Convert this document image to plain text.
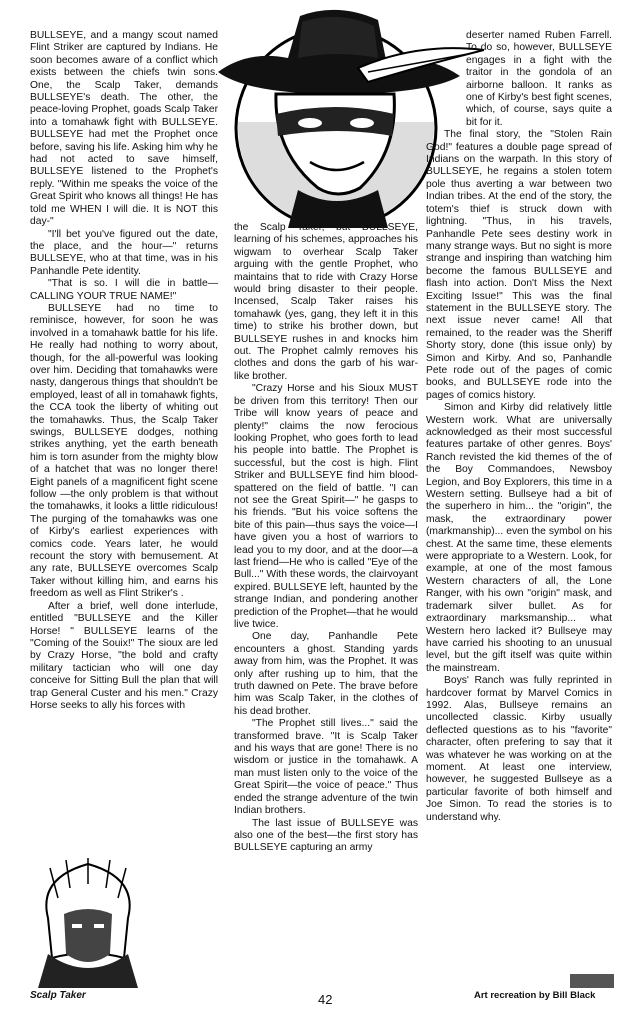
BULLSEYE, and a mangy scout named Flint Striker are captured by Indians. He soon becomes aware of a conflict which exists between the chiefs twin sons. One, the Scalp Taker, demands BULLSEYE's death. The other, the peace-loving Prophet, goads Scalp Taker into a tomahawk fight with BULLSEYE. BULLSEYE had met the Prophet once before, saving his life. Asking him why he had not acted to save himself, BULLSEYE listened to the Prophet's reply. "Within me speaks the voice of the Great Spirit who knows all things! He has told me WHEN I will die. It is NOT this day-"

"I'll bet you've figured out the date, the place, and the hour—" returns BULLSEYE, who at that time, was in his Panhandle Pete identity.

"That is so. I will die in battle—CALLING YOUR TRUE NAME!"

BULLSEYE had no time to reminisce, however, for soon he was involved in a tomahawk battle for his life. He really had nothing to worry about, though, for the all-powerful was looking over him. Deciding that tomahawks were nasty, dangerous things that shouldn't be employed, least of all in tomahawk fights, the CCA took the liberty of whiting out the tomahawks. Thus, the Scalp Taker swings, BULLSEYE dodges, nothing strikes anything, yet the earth beneath him is torn asunder from the mighty blow of a hatchet that was no longer there! Eight panels of a magnificent fight scene follow —the only problem is that without the tomahawks, it looks a little ridiculous! The purging of the tomahawks was one of Kirby's earliest experiences with comics code. Years later, he would recount the story with bemusement. At any rate, BULLSEYE overcomes Scalp Taker without killing him, and earns his freedom as well as Flint Striker's .

After a brief, well done interlude, entitled "BULLSEYE and the Killer Horse! " BULLSEYE learns of the "Coming of the Souix!" The sioux are led by Crazy Horse, "the bold and crafty military tactician who will one day conceive for Sitting Bull the plan that will trap General Custer and his men." Crazy Horse seeks to ally his forces with

the Scalp Taker, but BULLSEYE, learning of his schemes, approaches his wigwam to overhear Scalp Taker arguing with the gentle Prophet, who maintains that to ride with Crazy Horse would bring disaster to their people. Incensed, Scalp Taker raises his tomahawk (yes, gang, they left it in this time) to strike his brother down, but BULLSEYE rushes in and knocks him out. The Prophet calmly removes his clothes and dons the garb of his war-like brother.

"Crazy Horse and his Sioux MUST be driven from this territory! Then our Tribe will know years of peace and plenty!" claims the now ferocious looking Prophet, who goes forth to lead his people into battle. The Prophet is successful, but the cost is high. Flint Striker and BULLSEYE find him blood- spattered on the field of battle. "I can not see the Great Spirit—" he gasps to his friends. "But his voice softens the bite of this pain—thus says the voice—I have given you a host of warriors to lead you to my door, and at the door—a last friend—He who is called "Eye of the Bull..." With these words, the clairvoyant expired. BULLSEYE left, haunted by the strange Indian, and pondering another prediction of the Prophet—that he would live twice.

One day, Panhandle Pete encounters a ghost. Standing yards away from him, was the Prophet. It was only after rushing up to him, that the truth dawned on Pete. The brave before him was Scalp Taker, in the clothes of his dead brother.

"The Prophet still lives..." said the transformed brave. "It is Scalp Taker and his ways that are gone! There is no wisdom or justice in the tomahawk. A man must listen only to the voice of the Great Spirit—the voice of peace." Thus ended the strange adventure of the twin Indian brothers.

The last issue of BULLSEYE was also one of the best—the first story has BULLSEYE capturing an army

deserter named Ruben Farrell. To do so, however, BULLSEYE engages in a fight with the traitor in the gondola of an airborne balloon. It ranks as one of Kirby's best fight scenes, which, of course, says quite a bit for it.

The final story, the "Stolen Rain God!" features a double page spread of Indians on the warpath. In this story of BULLSEYE, he regains a stolen totem pole thus averting a war between two Indian tribes. At the end of the story, the totem's thief is struck down with lightning. "Thus, in his travels, Panhandle Pete sees destiny work in many strange ways. But no sight is more strange and inspiring than watching him become the famous BULLSEYE and flash into action. Don't Miss the Next Exciting Issue!" This was the final statement in the BULLSEYE story. The next issue never came! All that remained, to the reader was the Sheriff Shorty story, done (this issue only) by Simon and Kirby. And so, Panhandle Pete rode out of the pages of comic books, and BULLSEYE rode into the pages of comics history.

Simon and Kirby did relatively little Western work. What are universally acknowledged as their most successful features partake of other genres. Boys' Ranch revisted the kid themes of the of the Boy Commandoes, Newsboy Legion, and Boy Explorers, this time in a Western setting. Bullseye had a bit of the superhero in him... the "origin", the mask, the extraordinary power (markmanship)... even the symbol on his chest. At the same time, these elements were appropriate to a Western. Look, for example, at one of the most famous Western characters of all, the Lone Ranger, with his own "origin" mask, and trademark silver bullet. As for extraordinary marksmanship... what Western hero lacked it? Bullseye may have carried his shooting to an unusual level, but the gift itself was quite within the mainstream.

Boys' Ranch was fully reprinted in hardcover format by Marvel Comics in 1992. Alas, Bullseye remains an uncollected classic. Kirby usually deflected questions as to his "favorite" character, often prefering to say that it was whatever he was working on at the moment. At least one interview, however, he suggested Bullseye as a particular favorite of both himself and Joe Simon. To read the stories is to understand why.

Scalp Taker	42	Art recreation by Bill Black
